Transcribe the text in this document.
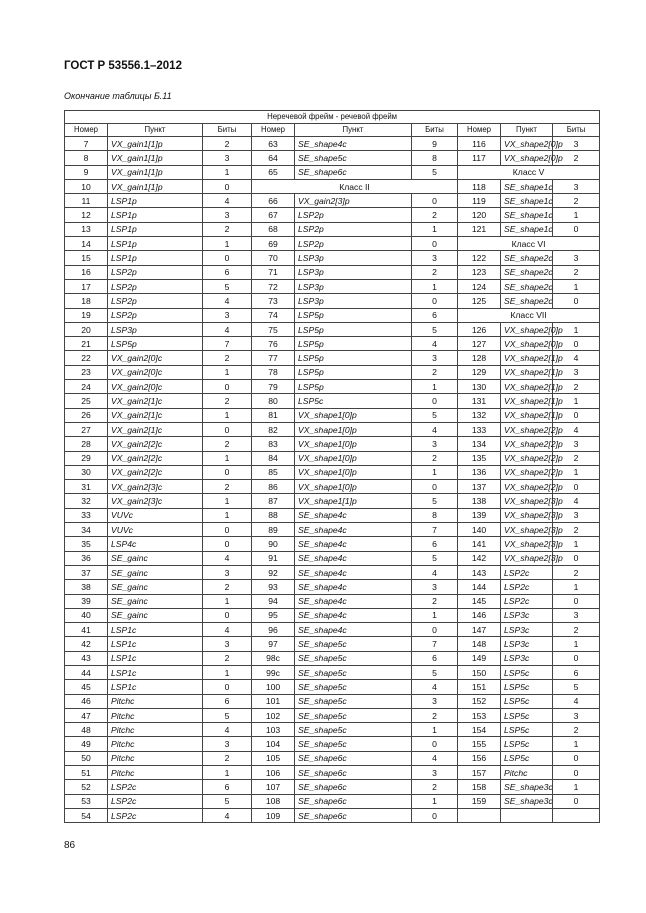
ГОСТ Р 53556.1–2012
Окончание таблицы Б.11
Неречевой фрейм - речевой фрейм								
Номер	Пункт	Биты	Номер	Пункт	Биты	Номер	Пункт	Биты
7	VX_gain1[1]p	2	63	SE_shape4c	9	116	VX_shape2[0]p	3
8	VX_gain1[1]p	3	64	SE_shape5c	8	117	VX_shape2[0]p	2
9	VX_gain1[1]p	1	65	SE_shape6c	5	Класс V		
10	VX_gain1[1]p	0	Класс II			118	SE_shape1c	3
11	LSP1p	4	66	VX_gain2[3]p	0	119	SE_shape1c	2
12	LSP1p	3	67	LSP2p	2	120	SE_shape1c	1
13	LSP1p	2	68	LSP2p	1	121	SE_shape1c	0
14	LSP1p	1	69	LSP2p	0	Класс VI		
15	LSP1p	0	70	LSP3p	3	122	SE_shape2c	3
16	LSP2p	6	71	LSP3p	2	123	SE_shape2c	2
17	LSP2p	5	72	LSP3p	1	124	SE_shape2c	1
18	LSP2p	4	73	LSP3p	0	125	SE_shape2c	0
19	LSP2p	3	74	LSP5p	6	Класс VII		
20	LSP3p	4	75	LSP5p	5	126	VX_shape2[0]p	1
21	LSP5p	7	76	LSP5p	4	127	VX_shape2[0]p	0
22	VX_gain2[0]c	2	77	LSP5p	3	128	VX_shape2[1]p	4
23	VX_gain2[0]c	1	78	LSP5p	2	129	VX_shape2[1]p	3
24	VX_gain2[0]c	0	79	LSP5p	1	130	VX_shape2[1]p	2
25	VX_gain2[1]c	2	80	LSP5c	0	131	VX_shape2[1]p	1
26	VX_gain2[1]c	1	81	VX_shape1[0]p	5	132	VX_shape2[1]p	0
27	VX_gain2[1]c	0	82	VX_shape1[0]p	4	133	VX_shape2[2]p	4
28	VX_gain2[2]c	2	83	VX_shape1[0]p	3	134	VX_shape2[2]p	3
29	VX_gain2[2]c	1	84	VX_shape1[0]p	2	135	VX_shape2[2]p	2
30	VX_gain2[2]c	0	85	VX_shape1[0]p	1	136	VX_shape2[2]p	1
31	VX_gain2[3]c	2	86	VX_shape1[0]p	0	137	VX_shape2[2]p	0
32	VX_gain2[3]c	1	87	VX_shape1[1]p	5	138	VX_shape2[3]p	4
33	VUVc	1	88	SE_shape4c	8	139	VX_shape2[3]p	3
34	VUVc	0	89	SE_shape4c	7	140	VX_shape2[3]p	2
35	LSP4c	0	90	SE_shape4c	6	141	VX_shape2[3]p	1
36	SE_gainc	4	91	SE_shape4c	5	142	VX_shape2[3]p	0
37	SE_gainc	3	92	SE_shape4c	4	143	LSP2c	2
38	SE_gainc	2	93	SE_shape4c	3	144	LSP2c	1
39	SE_gainc	1	94	SE_shape4c	2	145	LSP2c	0
40	SE_gainc	0	95	SE_shape4c	1	146	LSP3c	3
41	LSP1c	4	96	SE_shape4c	0	147	LSP3c	2
42	LSP1c	3	97	SE_shape5c	7	148	LSP3c	1
43	LSP1c	2	98c	SE_shape5c	6	149	LSP3c	0
44	LSP1c	1	99c	SE_shape5c	5	150	LSP5c	6
45	LSP1c	0	100	SE_shape5c	4	151	LSP5c	5
46	Pitchc	6	101	SE_shape5c	3	152	LSP5c	4
47	Pitchc	5	102	SE_shape5c	2	153	LSP5c	3
48	Pitchc	4	103	SE_shape5c	1	154	LSP5c	2
49	Pitchc	3	104	SE_shape5c	0	155	LSP5c	1
50	Pitchc	2	105	SE_shape6c	4	156	LSP5c	0
51	Pitchc	1	106	SE_shape6c	3	157	Pitchc	0
52	LSP2c	6	107	SE_shape6c	2	158	SE_shape3c	1
53	LSP2c	5	108	SE_shape6c	1	159	SE_shape3c	0
54	LSP2c	4	109	SE_shape6c	0			
86
